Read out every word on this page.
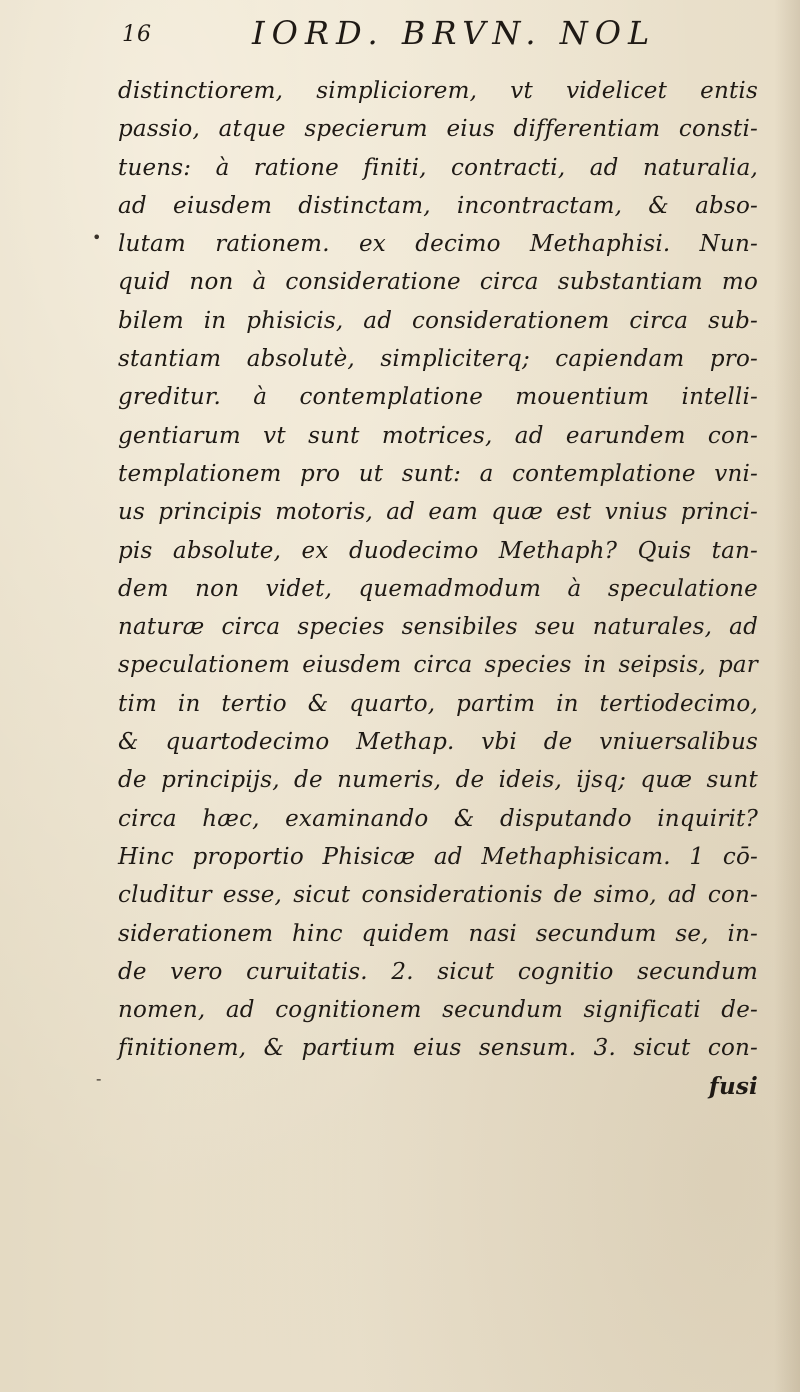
16	IORD. BRVN. NOL
•
-
distinctiorem, simpliciorem, vt videlicet entis
passio, atque specierum eius differentiam consti-
tuens: à ratione finiti, contracti, ad naturalia,
ad eiusdem distinctam, incontractam, & abso-
lutam rationem. ex decimo Methaphisi. Nun-
quid non à consideratione circa substantiam mo
bilem in phisicis, ad considerationem circa sub-
stantiam absolutè, simpliciterq; capiendam pro-
greditur. à contemplatione mouentium intelli-
gentiarum vt sunt motrices, ad earundem con-
templationem pro ut sunt: a contemplatione vni-
us principis motoris, ad eam quæ est vnius princi-
pis absolute, ex duodecimo Methaph? Quis tan-
dem non videt, quemadmodum à speculatione
naturæ circa species sensibiles seu naturales, ad
speculationem eiusdem circa species in seipsis, par
tim in tertio & quarto, partim in tertiodecimo,
& quartodecimo Methap. vbi de vniuersalibus
de principijs, de numeris, de ideis, ijsq; quæ sunt
circa hæc, examinando & disputando inquirit?
Hinc proportio Phisicæ ad Methaphisicam. 1 cō-
cluditur esse, sicut considerationis de simo, ad con-
siderationem hinc quidem nasi secundum se, in-
de vero curuitatis. 2. sicut cognitio secundum
nomen, ad cognitionem secundum significati de-
finitionem, & partium eius sensum. 3. sicut con-
fusi
